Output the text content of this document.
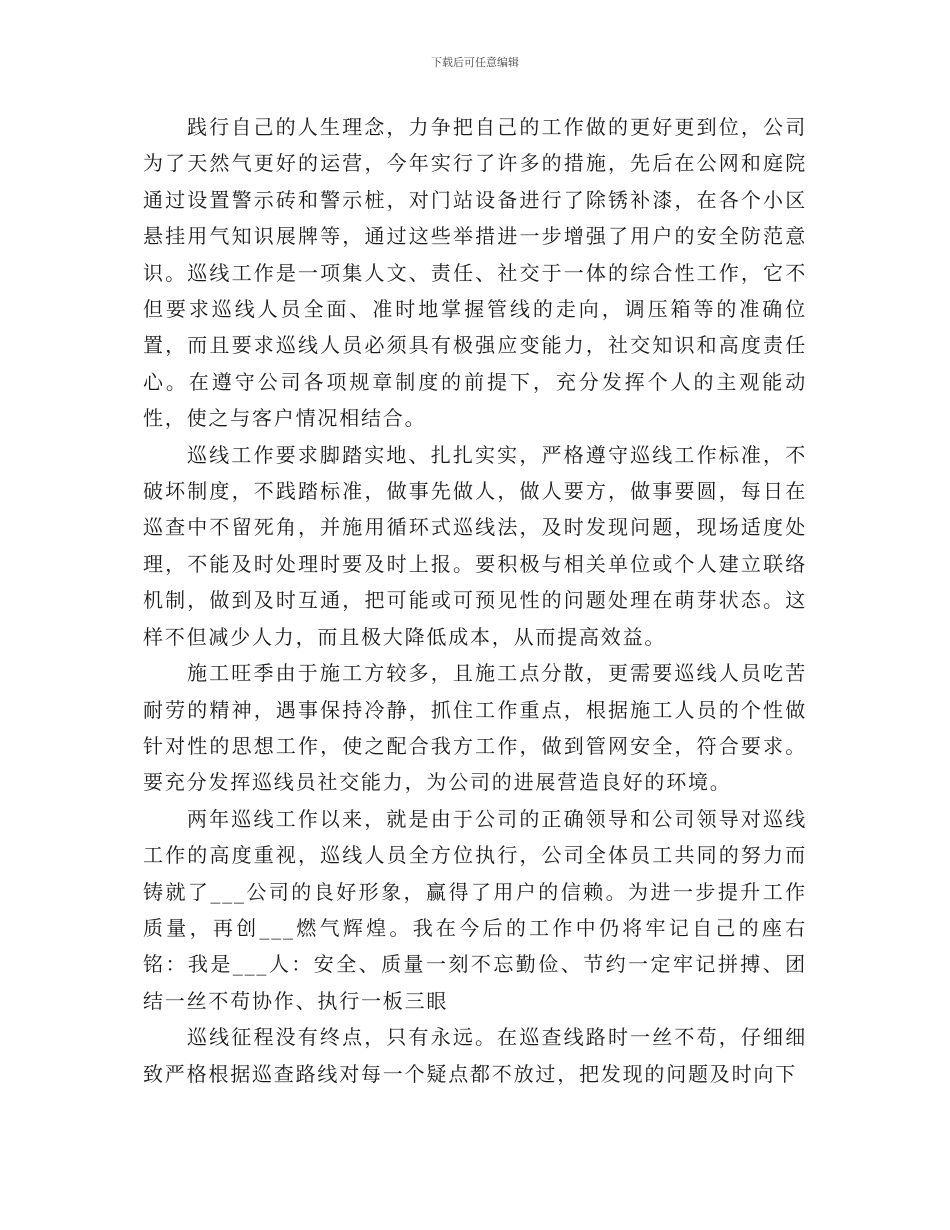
下载后可任意编辑

践行自己的人生理念，力争把自己的工作做的更好更到位，公司为了天然气更好的运营，今年实行了许多的措施，先后在公网和庭院通过设置警示砖和警示桩，对门站设备进行了除锈补漆，在各个小区悬挂用气知识展牌等，通过这些举措进一步增强了用户的安全防范意识。巡线工作是一项集人文、责任、社交于一体的综合性工作，它不但要求巡线人员全面、准时地掌握管线的走向，调压箱等的准确位置，而且要求巡线人员必须具有极强应变能力，社交知识和高度责任心。在遵守公司各项规章制度的前提下，充分发挥个人的主观能动性，使之与客户情况相结合。

巡线工作要求脚踏实地、扎扎实实，严格遵守巡线工作标准，不破坏制度，不践踏标准，做事先做人，做人要方，做事要圆，每日在巡查中不留死角，并施用循环式巡线法，及时发现问题，现场适度处理，不能及时处理时要及时上报。要积极与相关单位或个人建立联络机制，做到及时互通，把可能或可预见性的问题处理在萌芽状态。这样不但减少人力，而且极大降低成本，从而提高效益。

施工旺季由于施工方较多，且施工点分散，更需要巡线人员吃苦耐劳的精神，遇事保持冷静，抓住工作重点，根据施工人员的个性做针对性的思想工作，使之配合我方工作，做到管网安全，符合要求。要充分发挥巡线员社交能力，为公司的进展营造良好的环境。

两年巡线工作以来，就是由于公司的正确领导和公司领导对巡线工作的高度重视，巡线人员全方位执行，公司全体员工共同的努力而铸就了___公司的良好形象，赢得了用户的信赖。为进一步提升工作质量，再创___燃气辉煌。我在今后的工作中仍将牢记自己的座右铭：我是___人：安全、质量一刻不忘勤俭、节约一定牢记拼搏、团结一丝不苟协作、执行一板三眼

巡线征程没有终点，只有永远。在巡查线路时一丝不苟，仔细细致严格根据巡查路线对每一个疑点都不放过，把发现的问题及时向下
